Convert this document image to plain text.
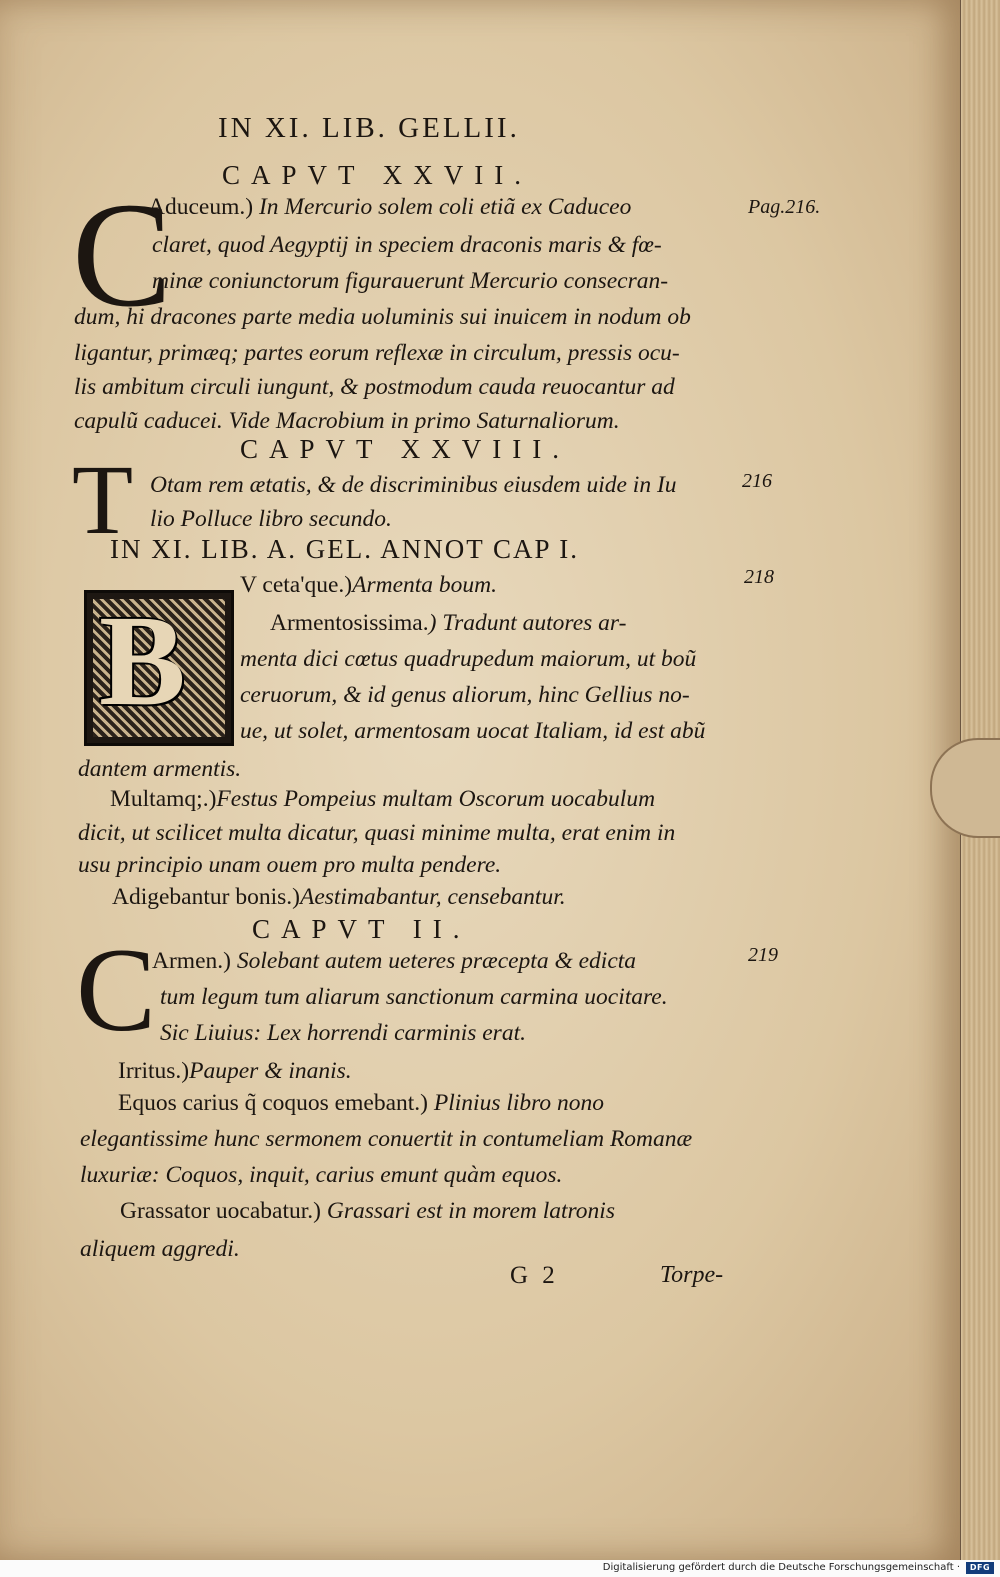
IN XI. LIB. GELLII.
CAPVT XXVII.
C
Aduceum.) In Mercurio solem coli etiã ex Caduceo
claret, quod Aegyptij in speciem draconis maris & fœ-
minæ coniunctorum figurauerunt Mercurio consecran-
dum, hi dracones parte media uoluminis sui inuicem in nodum ob
ligantur, primæq; partes eorum reflexæ in circulum, pressis ocu-
lis ambitum circuli iungunt, & postmodum cauda reuocantur ad
capulũ caducei. Vide Macrobium in primo Saturnaliorum.
Pag.216.
CAPVT XXVIII.
T Otam rem ætatis, & de discriminibus eiusdem uide in Iu
lio Polluce libro secundo.
216
IN XI. LIB. A. GEL. ANNOT CAP I.
B
V ceta'que.)Armenta boum.
Armentosissima.) Tradunt autores ar-
menta dici cœtus quadrupedum maiorum, ut boũ
ceruorum, & id genus aliorum, hinc Gellius no-
ue, ut solet, armentosam uocat Italiam, id est abũ
dantem armentis.
Multamq;.)Festus Pompeius multam Oscorum uocabulum
dicit, ut scilicet multa dicatur, quasi minime multa, erat enim in
usu principio unam ouem pro multa pendere.
Adigebantur bonis.)Aestimabantur, censebantur.
218
CAPVT II.
C
Armen.) Solebant autem ueteres præcepta & edicta
tum legum tum aliarum sanctionum carmina uocitare.
Sic Liuius: Lex horrendi carminis erat.
Irritus.)Pauper & inanis.
Equos carius q̃ coquos emebant.) Plinius libro nono
elegantissime hunc sermonem conuertit in contumeliam Romanæ
luxuriæ: Coquos, inquit, carius emunt quàm equos.
Grassator uocabatur.) Grassari est in morem latronis
aliquem aggredi.
219
G 2	Torpe-
Digitalisierung gefördert durch die Deutsche Forschungsgemeinschaft ·	DFG
